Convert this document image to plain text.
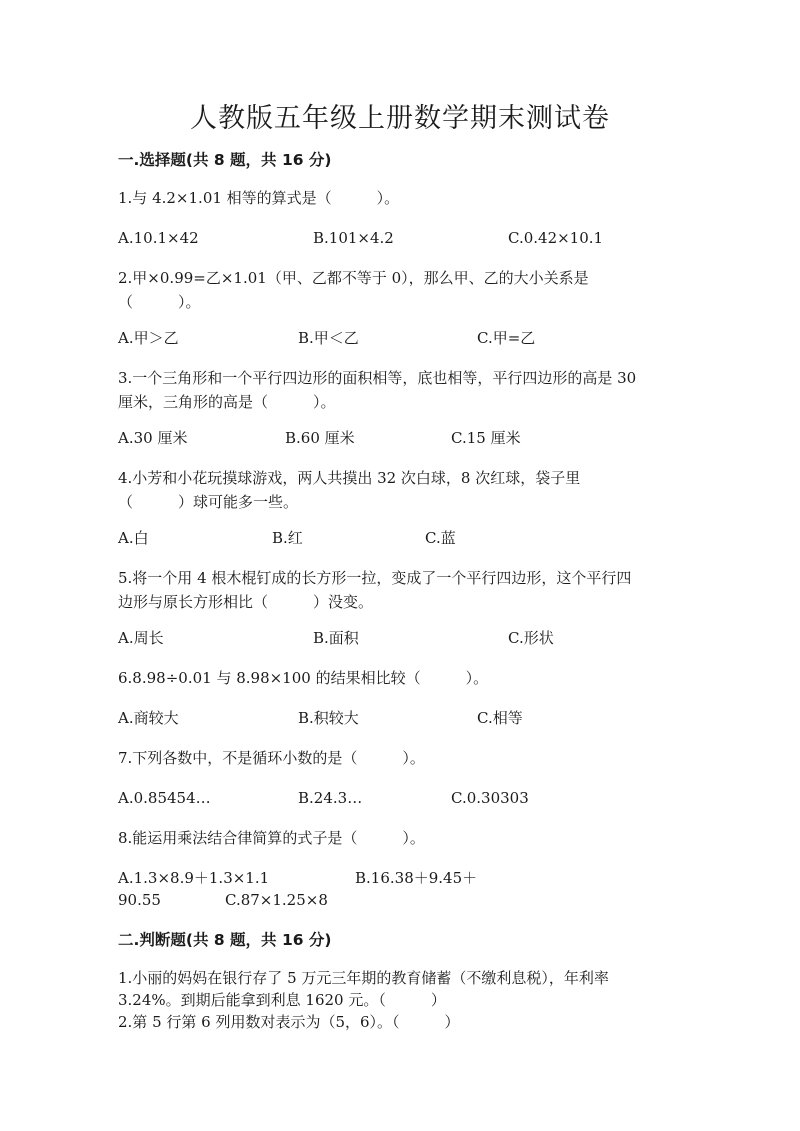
人教版五年级上册数学期末测试卷
一.选择题(共 8 题，共 16 分)
1.与 4.2×1.01 相等的算式是（　　　）。
A.10.1×42	B.101×4.2	C.0.42×10.1
2.甲×0.99=乙×1.01（甲、乙都不等于 0），那么甲、乙的大小关系是
（　　　）。
A.甲＞乙	B.甲＜乙	C.甲=乙
3.一个三角形和一个平行四边形的面积相等，底也相等，平行四边形的高是 30
厘米，三角形的高是（　　　）。
A.30 厘米	B.60 厘米	C.15 厘米
4.小芳和小花玩摸球游戏，两人共摸出 32 次白球，8 次红球，袋子里
（　　　）球可能多一些。
A.白	B.红	C.蓝
5.将一个用 4 根木棍钉成的长方形一拉，变成了一个平行四边形，这个平行四
边形与原长方形相比（　　　）没变。
A.周长	B.面积	C.形状
6.8.98÷0.01 与 8.98×100 的结果相比较（　　　）。
A.商较大	B.积较大	C.相等
7.下列各数中，不是循环小数的是（　　　）。
A.0.85454…	B.24.3…	C.0.30303
8.能运用乘法结合律简算的式子是（　　　）。
A.1.3×8.9＋1.3×1.1	B.16.38＋9.45＋
90.55	C.87×1.25×8
二.判断题(共 8 题，共 16 分)
1.小丽的妈妈在银行存了 5 万元三年期的教育储蓄（不缴利息税），年利率
3.24%。到期后能拿到利息 1620 元。（　　　）
2.第 5 行第 6 列用数对表示为（5，6）。（　　　）
